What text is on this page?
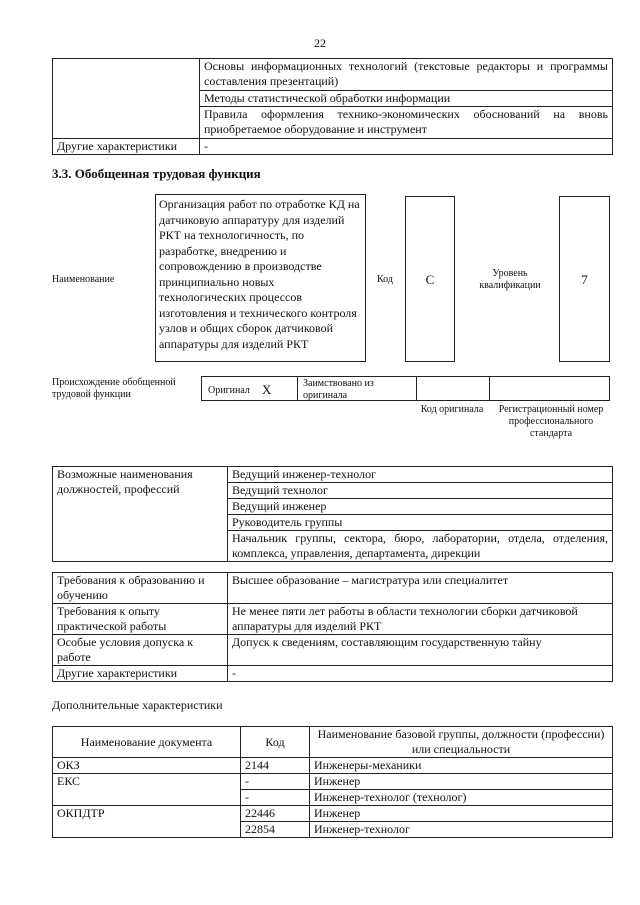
22
	Основы информационных технологий (текстовые редакторы и программы составления презентаций)
	Методы статистической обработки информации
	Правила оформления технико-экономических обоснований на вновь приобретаемое оборудование и инструмент
Другие характеристики	-
3.3. Обобщенная трудовая функция
Наименование
Организация работ по отработке КД на датчиковую аппаратуру для изделий РКТ на технологичность, по разработке, внедрению и сопровождению в производстве принципиально новых технологических процессов изготовления и технического контроля узлов и общих сборок датчиковой аппаратуры для изделий РКТ
Код	C	Уровень квалификации	7
Происхождение обобщенной трудовой функции	Оригинал X	Заимствовано из оригинала
Код оригинала	Регистрационный номер профессионального стандарта
Возможные наименования должностей, профессий	Ведущий инженер-технолог
Ведущий технолог
Ведущий инженер
Руководитель группы
Начальник группы, сектора, бюро, лаборатории, отдела, отделения, комплекса, управления, департамента, дирекции
Требования к образованию и обучению	Высшее образование – магистратура или специалитет
Требования к опыту практической работы	Не менее пяти лет работы в области технологии сборки датчиковой аппаратуры для изделий РКТ
Особые условия допуска к работе	Допуск к сведениям, составляющим государственную тайну
Другие характеристики	-
Дополнительные характеристики
Наименование документа	Код	Наименование базовой группы, должности (профессии) или специальности
ОКЗ	2144	Инженеры-механики
ЕКС	-	Инженер
	-	Инженер-технолог (технолог)
ОКПДТР	22446	Инженер
	22854	Инженер-технолог
